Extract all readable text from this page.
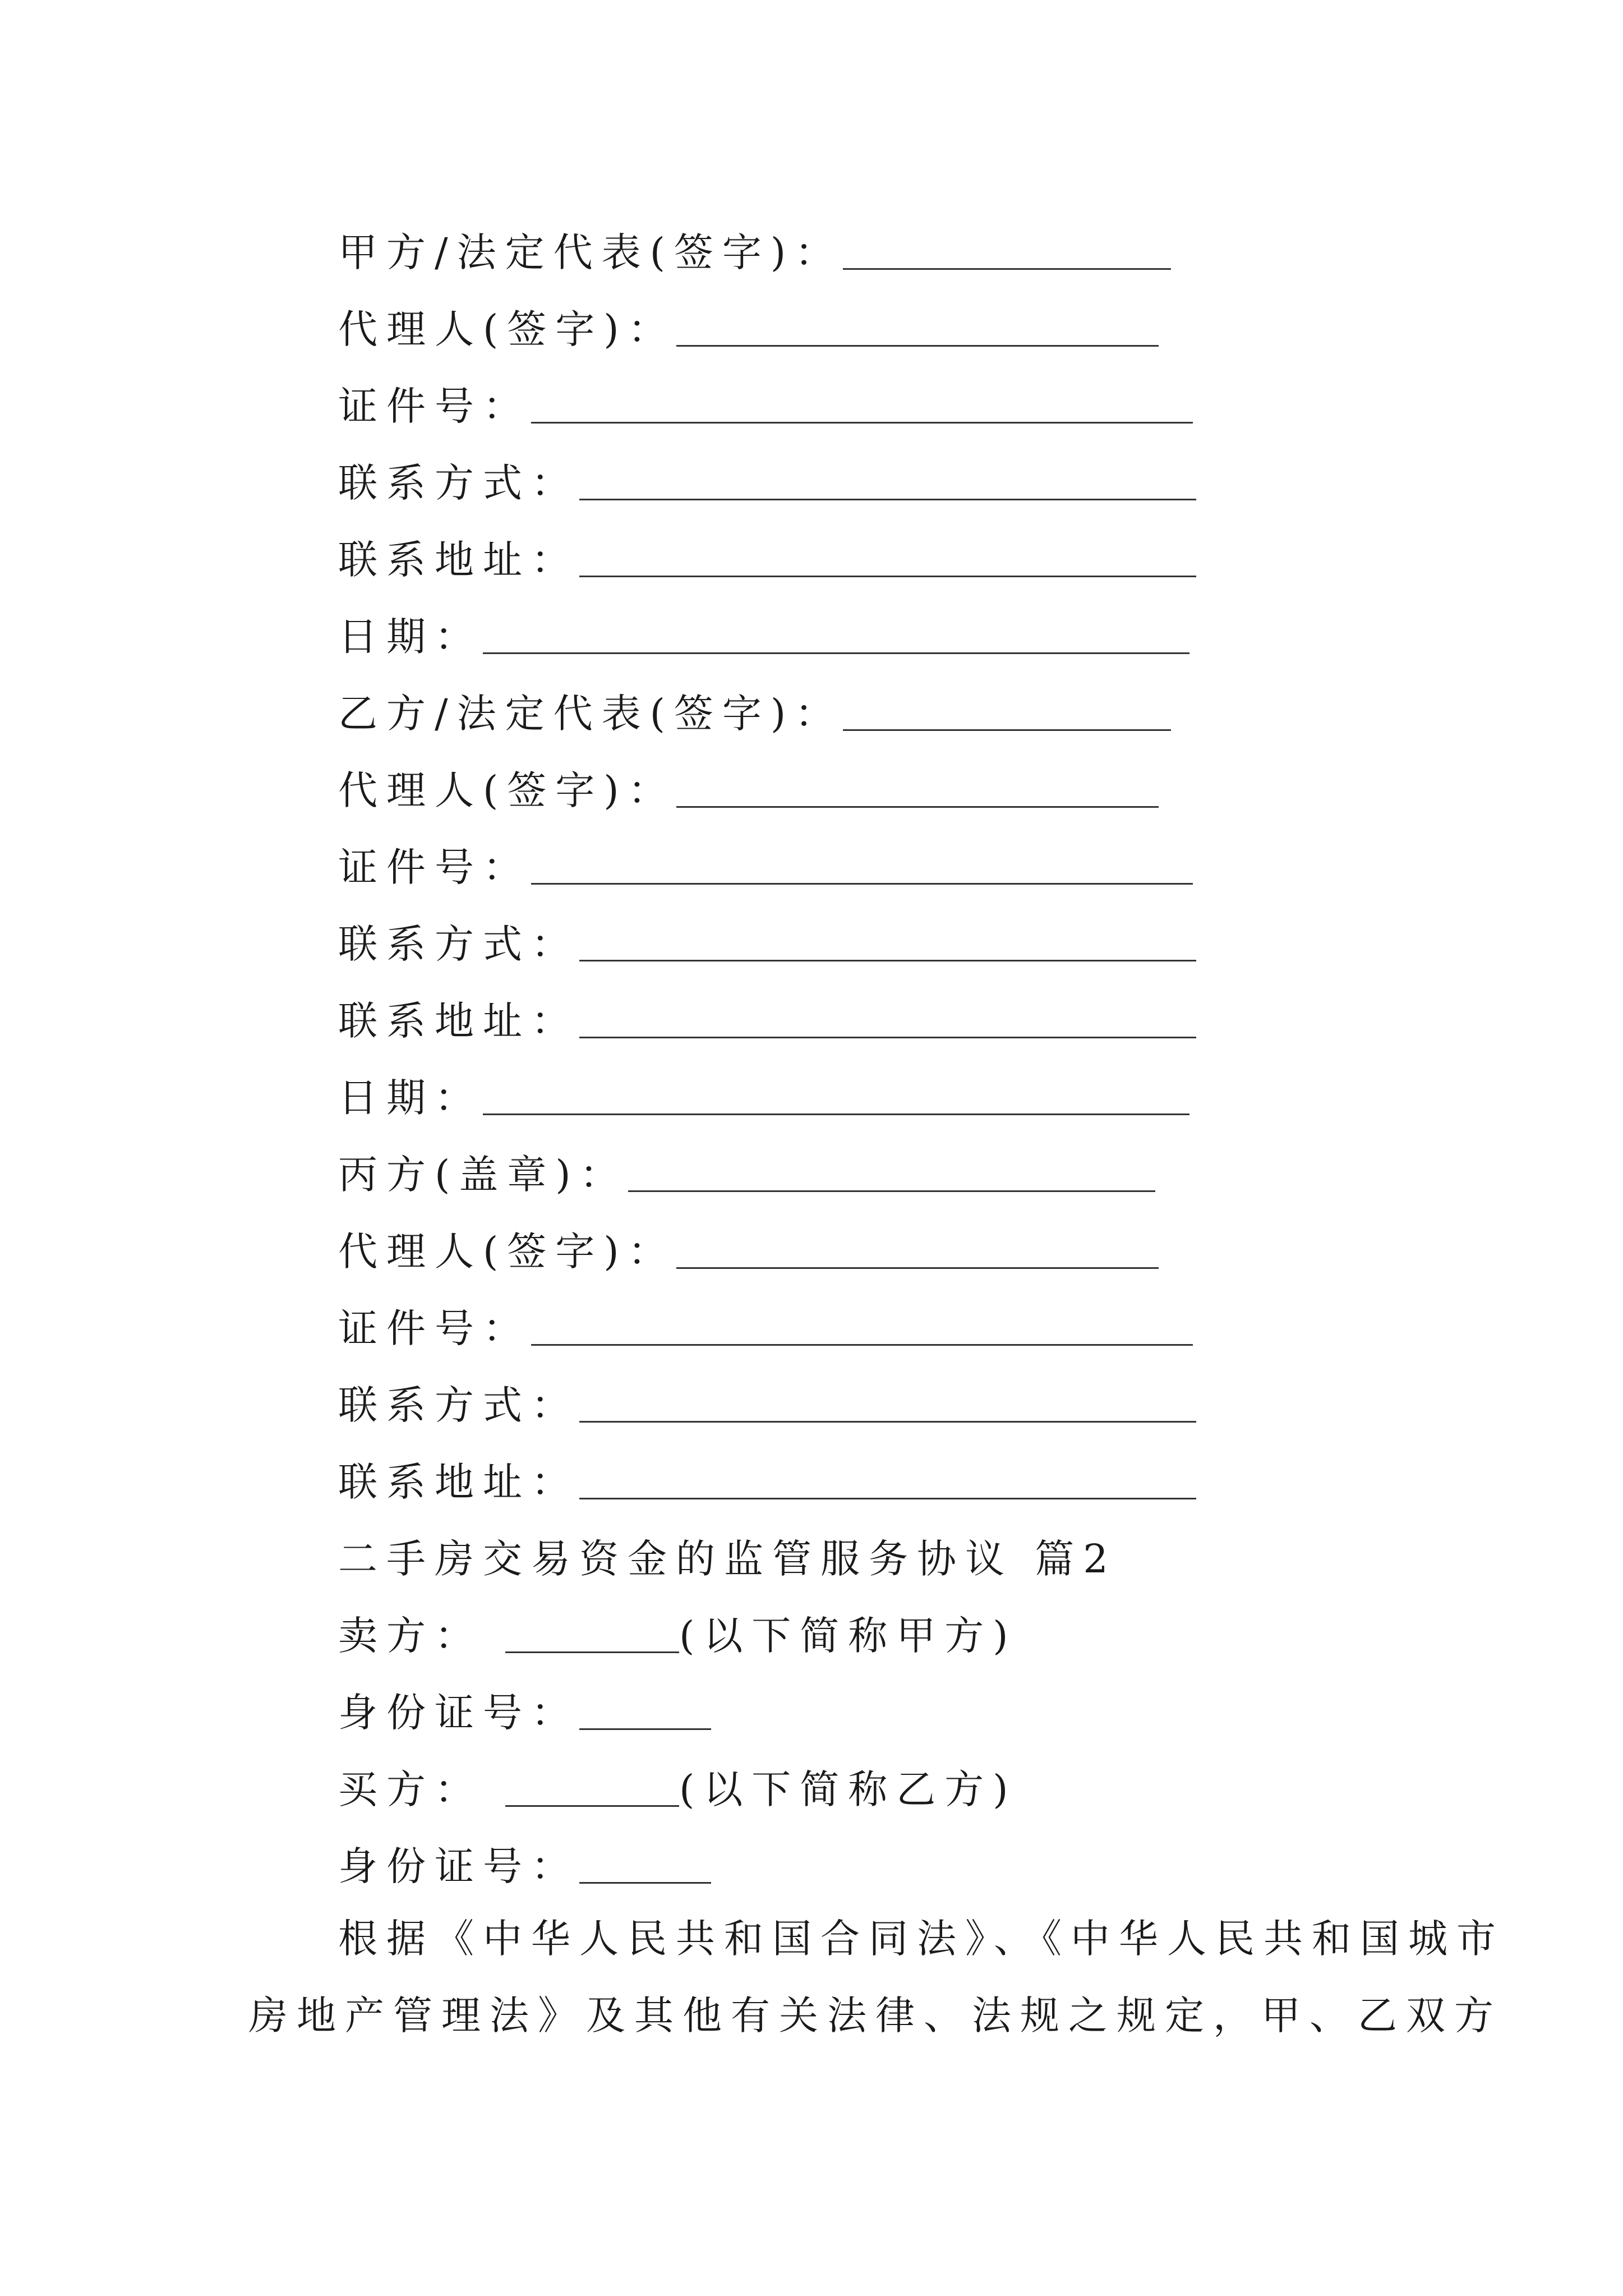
甲方/法定代表(签字)：
代理人(签字)：
证件号：
联系方式：
联系地址：
日期：
乙方/法定代表(签字)：
代理人(签字)：
证件号：
联系方式：
联系地址：
日期：
丙方(盖章)：
代理人(签字)：
证件号：
联系方式：
联系地址：
二手房交易资金的监管服务协议 篇2
卖方：	(以下简称甲方)
身份证号：
买方：	(以下简称乙方)
身份证号：
根据《中华人民共和国合同法》、《中华人民共和国城市
房地产管理法》及其他有关法律、法规之规定，甲、乙双方
